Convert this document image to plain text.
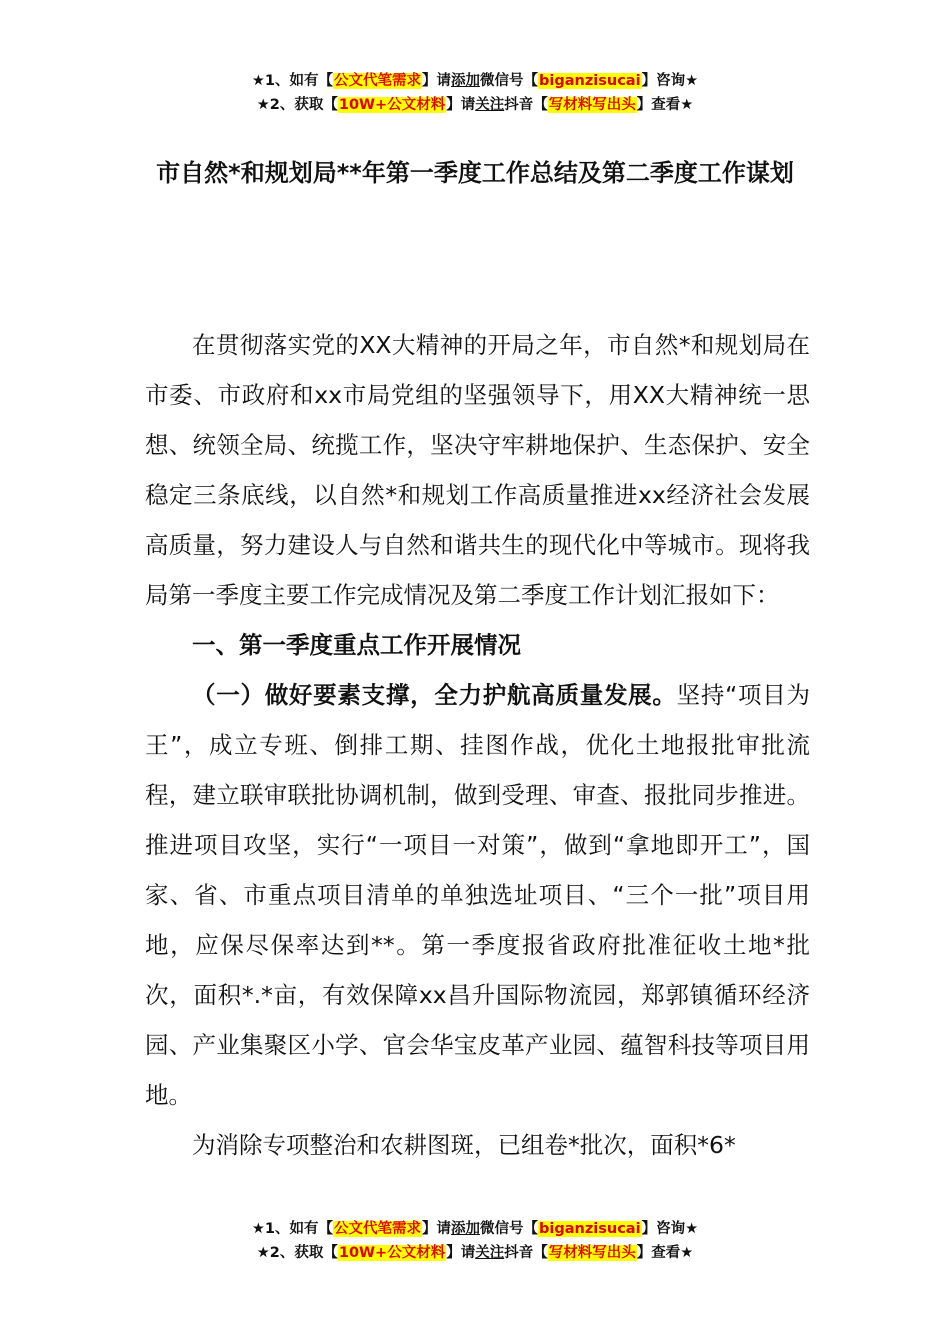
★1、如有【公文代笔需求】请添加微信号【biganzisucai】咨询★
★2、获取【10W+公文材料】请关注抖音【写材料写出头】查看★
市自然*和规划局**年第一季度工作总结及第二季度工作谋划

在贯彻落实党的XX大精神的开局之年，市自然*和规划局在市委、市政府和xx市局党组的坚强领导下，用XX大精神统一思想、统领全局、统揽工作，坚决守牢耕地保护、生态保护、安全稳定三条底线，以自然*和规划工作高质量推进xx经济社会发展高质量，努力建设人与自然和谐共生的现代化中等城市。现将我局第一季度主要工作完成情况及第二季度工作计划汇报如下：

一、第一季度重点工作开展情况

（一）做好要素支撑，全力护航高质量发展。坚持“项目为王”，成立专班、倒排工期、挂图作战，优化土地报批审批流程，建立联审联批协调机制，做到受理、审查、报批同步推进。推进项目攻坚，实行“一项目一对策”，做到“拿地即开工”，国家、省、市重点项目清单的单独选址项目、“三个一批”项目用地，应保尽保率达到**。第一季度报省政府批准征收土地*批次，面积*.*亩，有效保障xx昌升国际物流园，郑郭镇循环经济园、产业集聚区小学、官会华宝皮革产业园、蕴智科技等项目用地。

为消除专项整治和农耕图斑，已组卷*批次，面积*6*

★1、如有【公文代笔需求】请添加微信号【biganzisucai】咨询★
★2、获取【10W+公文材料】请关注抖音【写材料写出头】查看★
